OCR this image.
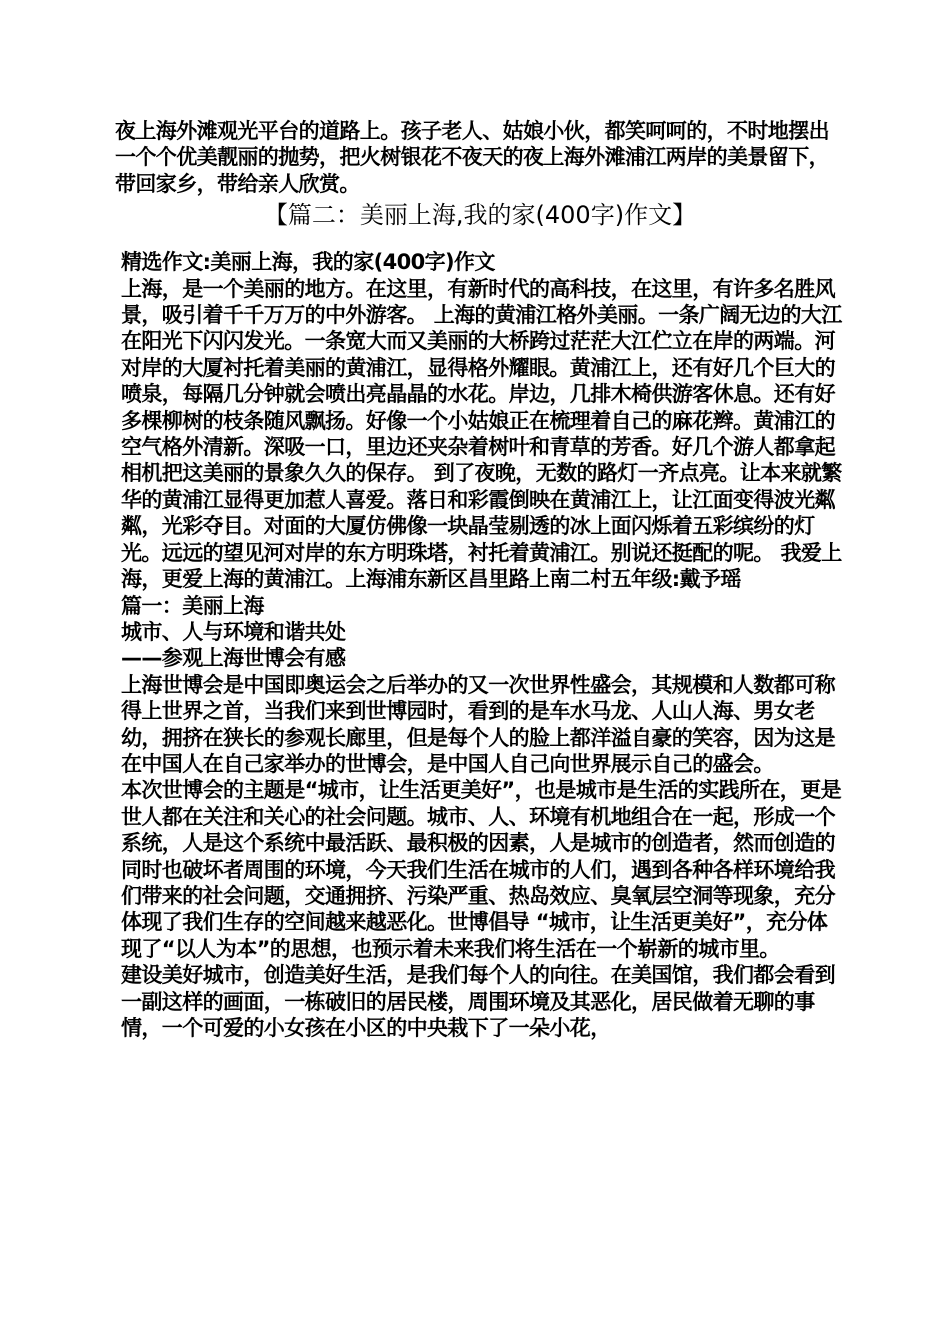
夜上海外滩观光平台的道路上。孩子老人、姑娘小伙，都笑呵呵的，不时地摆出一个个优美靓丽的抛势，把火树银花不夜天的夜上海外滩浦江两岸的美景留下，带回家乡，带给亲人欣赏。

【篇二：美丽上海,我的家(400字)作文】

精选作文:美丽上海，我的家(400字)作文

上海，是一个美丽的地方。在这里，有新时代的高科技，在这里，有许多名胜风景，吸引着千千万万的中外游客。 上海的黄浦江格外美丽。一条广阔无边的大江在阳光下闪闪发光。一条宽大而又美丽的大桥跨过茫茫大江伫立在岸的两端。河对岸的大厦衬托着美丽的黄浦江，显得格外耀眼。黄浦江上，还有好几个巨大的喷泉，每隔几分钟就会喷出亮晶晶的水花。岸边，几排木椅供游客休息。还有好多棵柳树的枝条随风飘扬。好像一个小姑娘正在梳理着自己的麻花辫。黄浦江的空气格外清新。深吸一口，里边还夹杂着树叶和青草的芳香。好几个游人都拿起相机把这美丽的景象久久的保存。 到了夜晚，无数的路灯一齐点亮。让本来就繁华的黄浦江显得更加惹人喜爱。落日和彩霞倒映在黄浦江上，让江面变得波光粼粼，光彩夺目。对面的大厦仿佛像一块晶莹剔透的冰上面闪烁着五彩缤纷的灯光。远远的望见河对岸的东方明珠塔，衬托着黄浦江。别说还挺配的呢。 我爱上海，更爱上海的黄浦江。上海浦东新区昌里路上南二村五年级:戴予瑶

篇一：美丽上海

城市、人与环境和谐共处

——参观上海世博会有感

上海世博会是中国即奥运会之后举办的又一次世界性盛会，其规模和人数都可称得上世界之首，当我们来到世博园时，看到的是车水马龙、人山人海、男女老幼，拥挤在狭长的参观长廊里，但是每个人的脸上都洋溢自豪的笑容，因为这是在中国人在自己家举办的世博会，是中国人自己向世界展示自己的盛会。

本次世博会的主题是“城市，让生活更美好”，也是城市是生活的实践所在，更是世人都在关注和关心的社会问题。城市、人、环境有机地组合在一起，形成一个系统，人是这个系统中最活跃、最积极的因素，人是城市的创造者，然而创造的同时也破坏者周围的环境，今天我们生活在城市的人们，遇到各种各样环境给我们带来的社会问题，交通拥挤、污染严重、热岛效应、臭氧层空洞等现象，充分体现了我们生存的空间越来越恶化。世博倡导 “城市，让生活更美好”，充分体现了“以人为本”的思想，也预示着未来我们将生活在一个崭新的城市里。

建设美好城市，创造美好生活，是我们每个人的向往。在美国馆，我们都会看到一副这样的画面，一栋破旧的居民楼，周围环境及其恶化，居民做着无聊的事情，一个可爱的小女孩在小区的中央栽下了一朵小花，
